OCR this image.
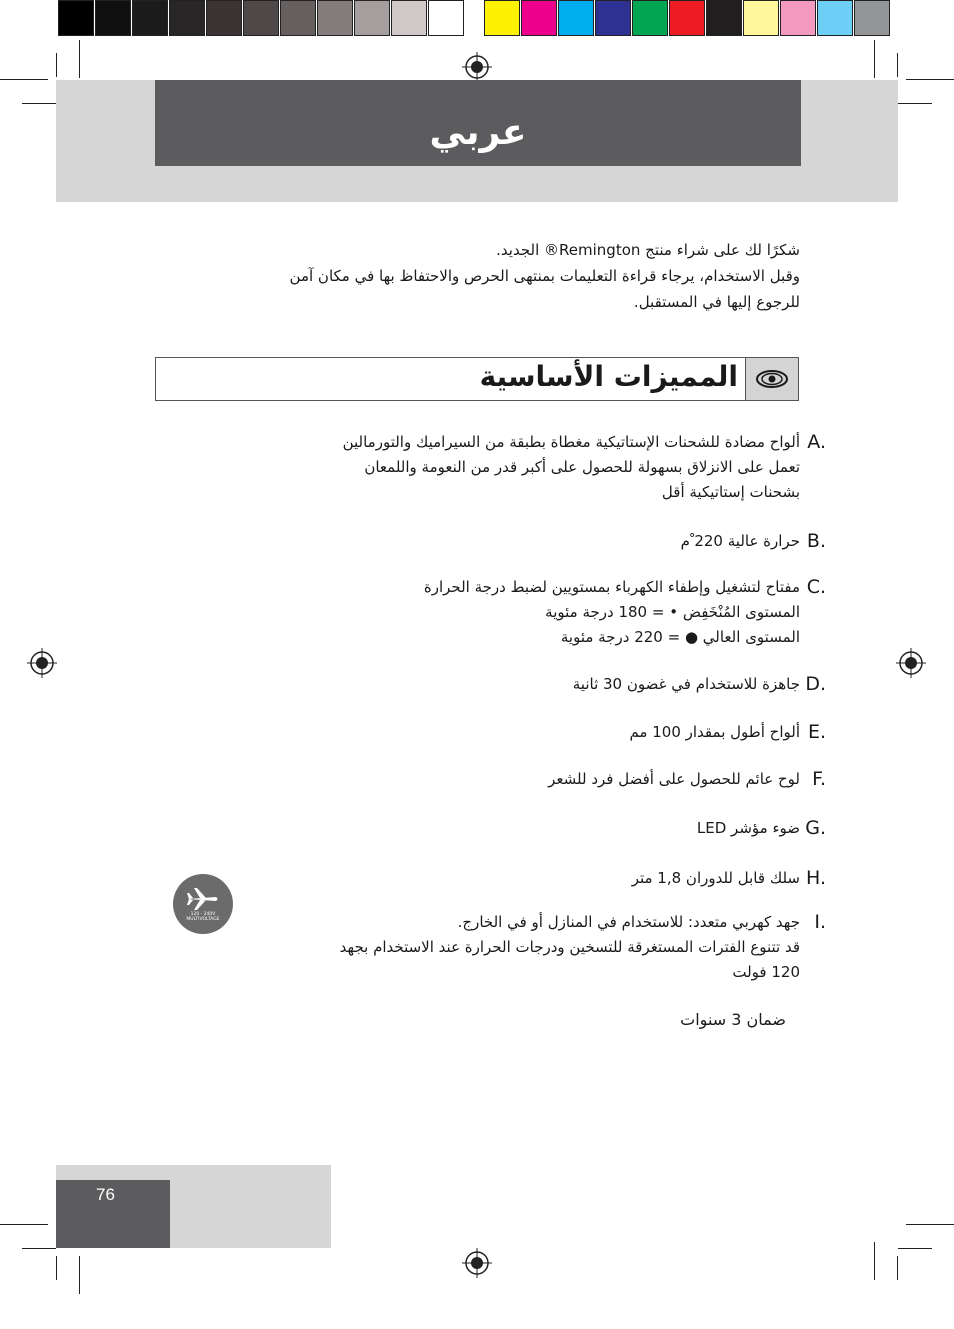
عربي

شكرًا لك على شراء منتج Remington® الجديد.

وقبل الاستخدام، يرجاء قراءة التعليمات بمنتهى الحرص والاحتفاظ بها في مكان آمن

للرجوع إليها في المستقبل.

المميزات الأساسية
A.

ألواح مضادة للشحنات الإستاتيكية مغطاة بطبقة من السيراميك والتورمالين

تعمل على الانزلاق بسهولة للحصول على أكبر قدر من النعومة واللمعان

بشحنات إستاتيكية أقل

B.

حرارة عالية 220 ْم

C.

مفتاح لتشغيل وإطفاء الكهرباء بمستويين لضبط درجة الحرارة

المستوى المُنْخَفِض • = 180 درجة مئوية

المستوى العالي ● = 220 درجة مئوية

D.

جاهزة للاستخدام في غضون 30 ثانية

E.

ألواح أطول بمقدار 100 مم

F.

لوح عائم للحصول على أفضل فرد للشعر

G.

ضوء مؤشر LED

H.

سلك قابل للدوران 1,8 متر

I.

جهد كهربي متعدد: للاستخدام في المنازل أو في الخارج.

قد تتنوع الفترات المستغرقة للتسخين ودرجات الحرارة عند الاستخدام بجهد

120 فولت

120 - 240V
MULTIVOLTAGE
ضمان 3 سنوات
76
